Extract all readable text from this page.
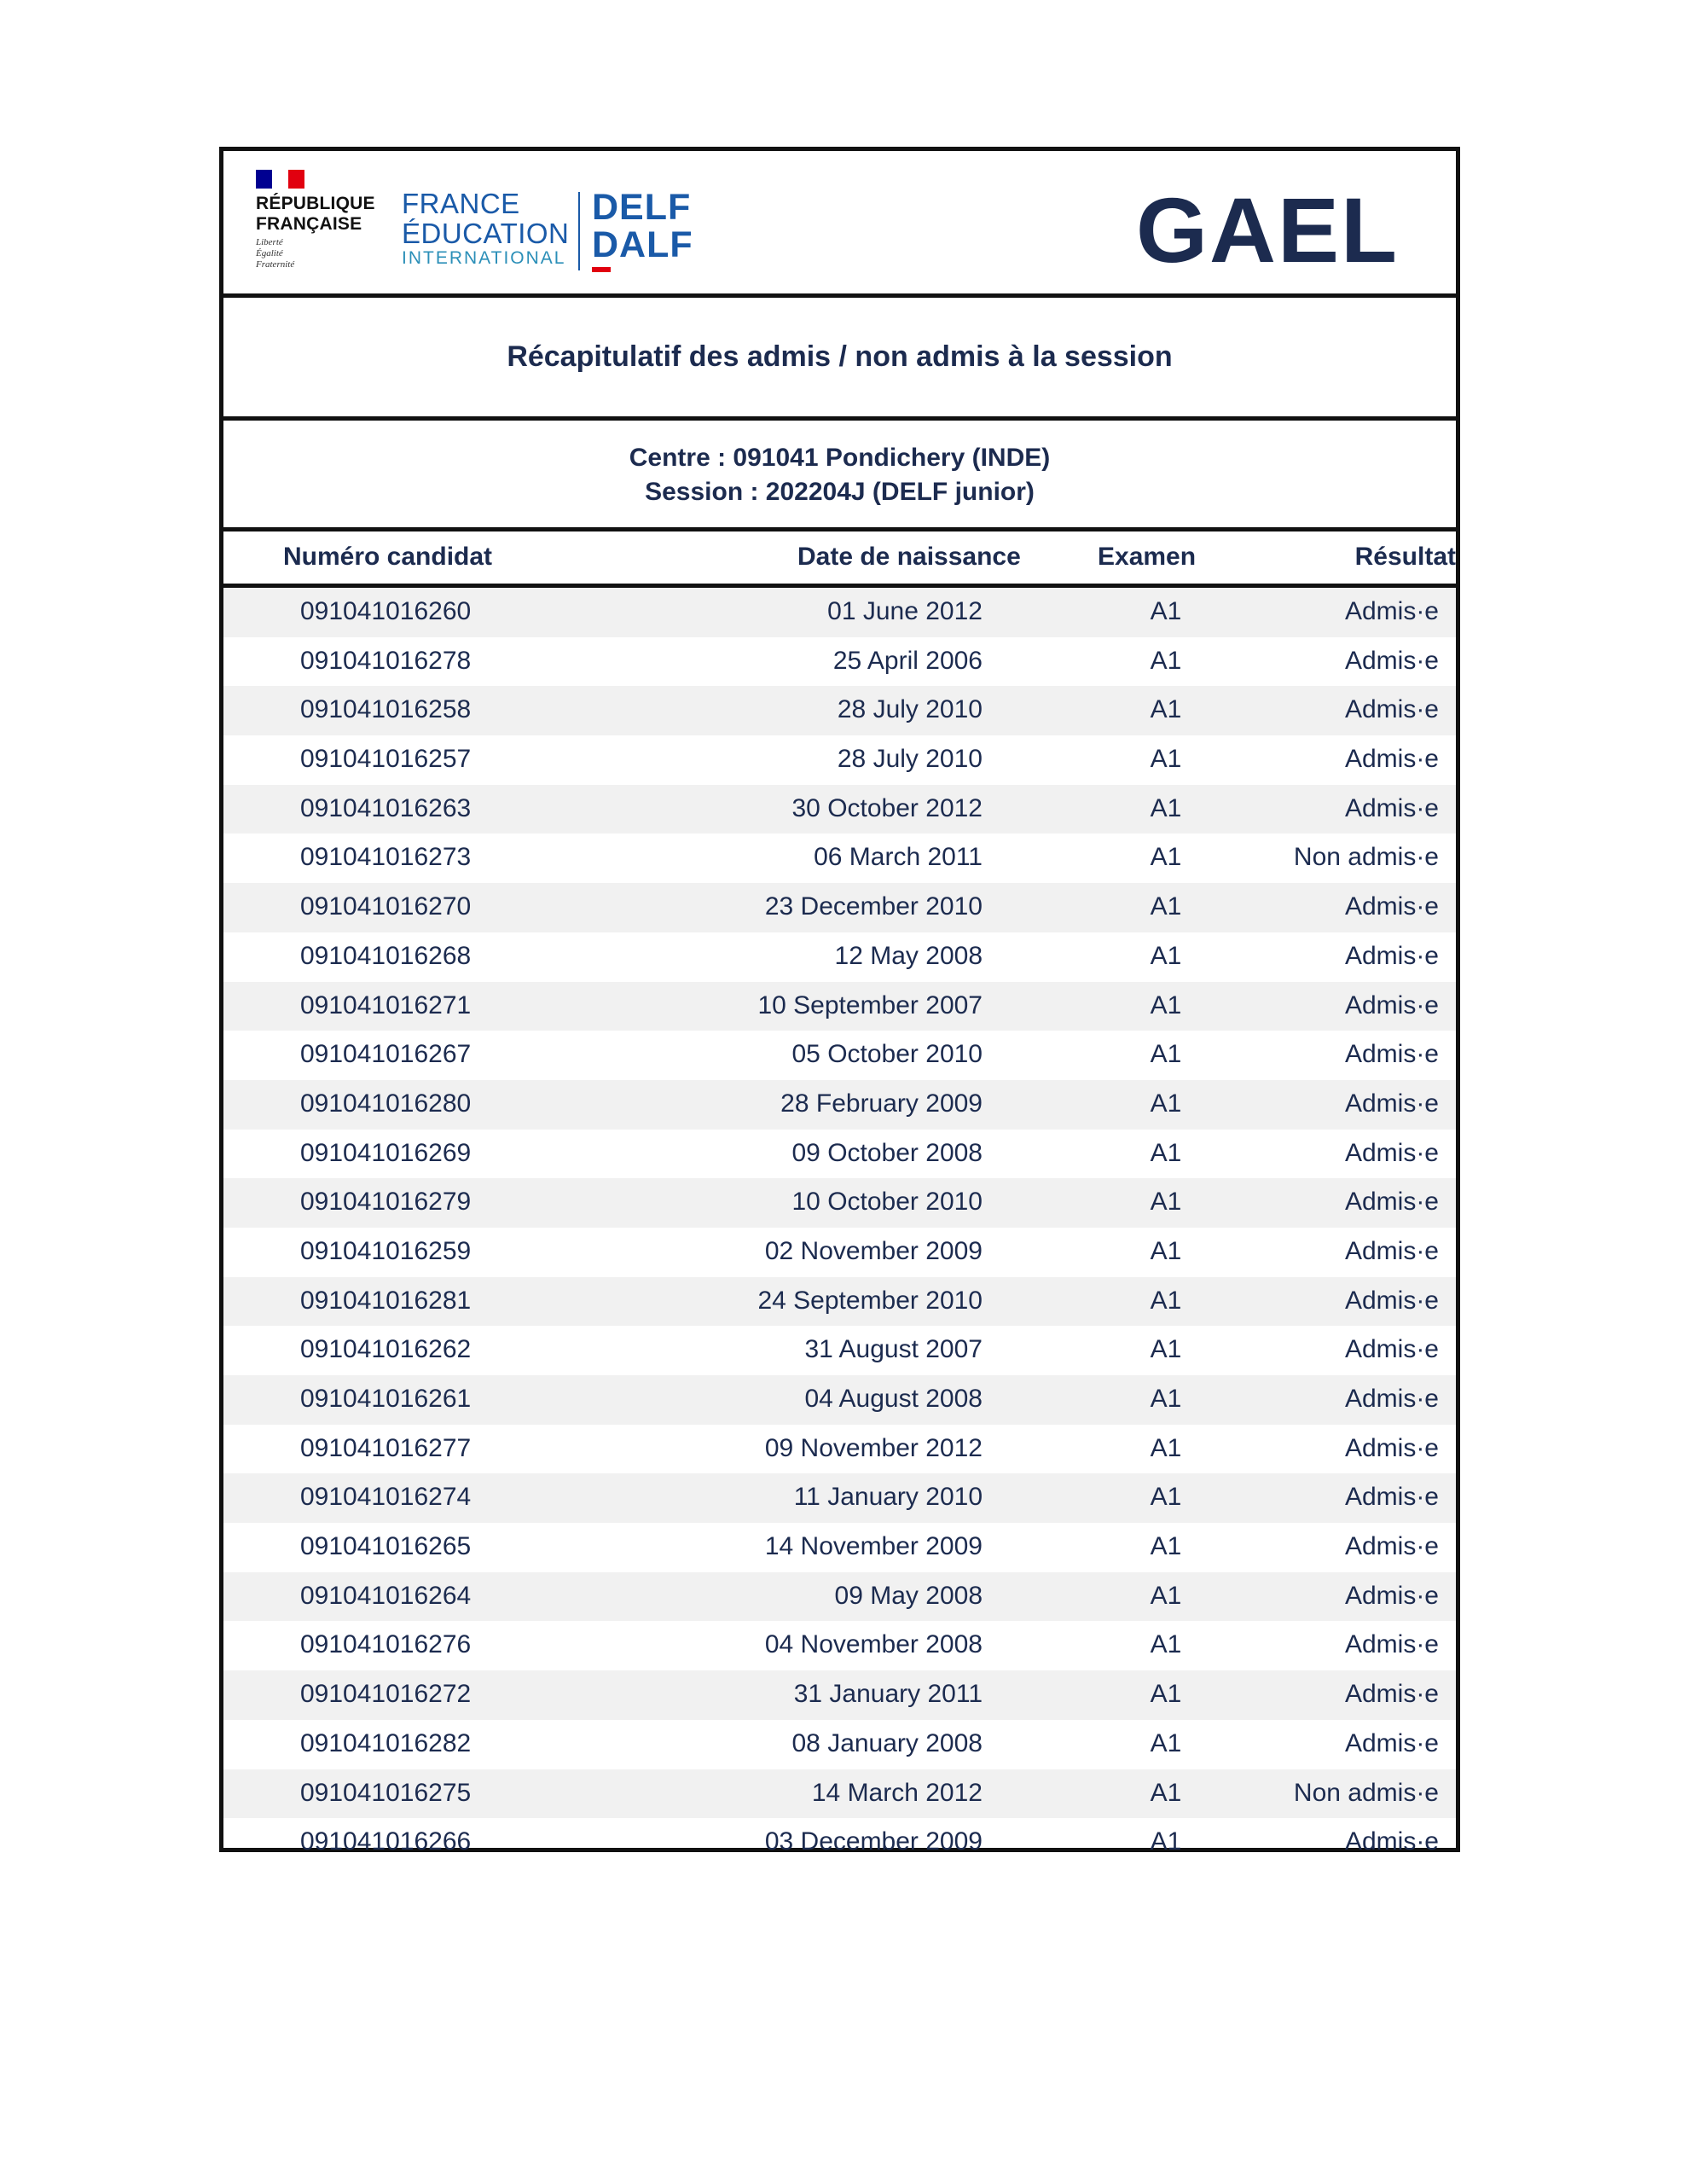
RÉPUBLIQUE
FRANÇAISE
Liberté
Égalité
Fraternité
FRANCE
ÉDUCATION
INTERNATIONAL
DELF
DALF	GAEL
Récapitulatif des admis / non admis à la session
Centre : 091041 Pondichery (INDE)
Session : 202204J (DELF junior)
Numéro candidat	Date de naissance	Examen	Résultat
091041016260	01 June 2012	A1	Admis·e
091041016278	25 April 2006	A1	Admis·e
091041016258	28 July 2010	A1	Admis·e
091041016257	28 July 2010	A1	Admis·e
091041016263	30 October 2012	A1	Admis·e
091041016273	06 March 2011	A1	Non admis·e
091041016270	23 December 2010	A1	Admis·e
091041016268	12 May 2008	A1	Admis·e
091041016271	10 September 2007	A1	Admis·e
091041016267	05 October 2010	A1	Admis·e
091041016280	28 February 2009	A1	Admis·e
091041016269	09 October 2008	A1	Admis·e
091041016279	10 October 2010	A1	Admis·e
091041016259	02 November 2009	A1	Admis·e
091041016281	24 September 2010	A1	Admis·e
091041016262	31 August 2007	A1	Admis·e
091041016261	04 August 2008	A1	Admis·e
091041016277	09 November 2012	A1	Admis·e
091041016274	11 January 2010	A1	Admis·e
091041016265	14 November 2009	A1	Admis·e
091041016264	09 May 2008	A1	Admis·e
091041016276	04 November 2008	A1	Admis·e
091041016272	31 January 2011	A1	Admis·e
091041016282	08 January 2008	A1	Admis·e
091041016275	14 March 2012	A1	Non admis·e
091041016266	03 December 2009	A1	Admis·e
